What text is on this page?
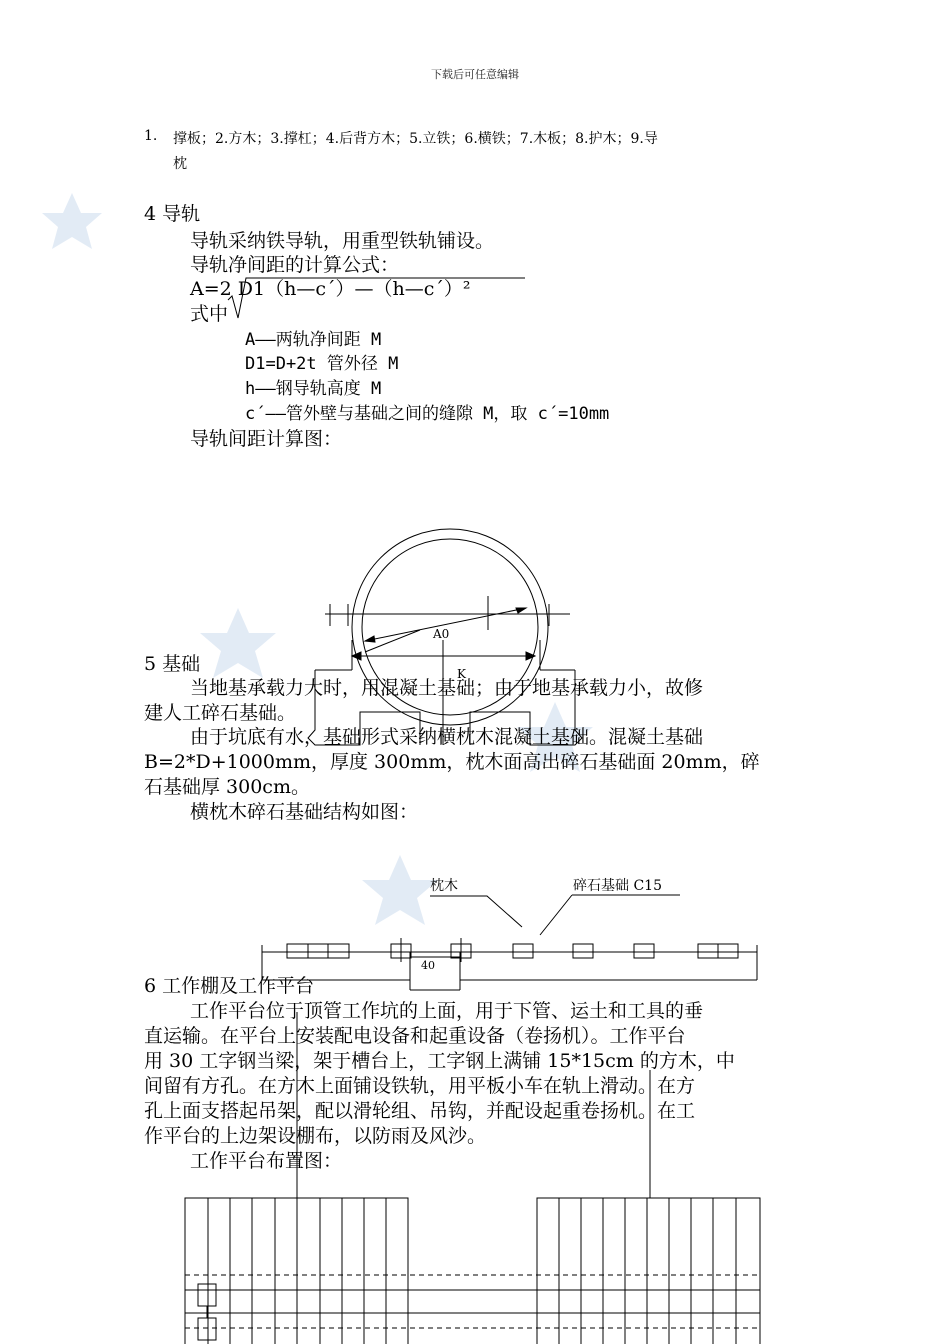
下载后可任意编辑
1. 撑板；2.方木；3.撑杠；4.后背方木；5.立铁；6.横铁；7.木板；8.护木；9.导
枕
4 导轨
导轨采纳铁导轨，用重型铁轨铺设。
导轨净间距的计算公式：
A=2 D1（h—c´）—（h—c´）²
式中
A——两轨净间距 M
D1=D+2t 管外径 M
h——钢导轨高度 M
c´——管外壁与基础之间的缝隙 M，取 c´=10mm
导轨间距计算图：
A0
K
5 基础
当地基承载力大时，用混凝土基础；由于地基承载力小，故修
建人工碎石基础。
由于坑底有水，基础形式采纳横枕木混凝土基础。混凝土基础
B=2*D+1000mm，厚度 300mm，枕木面高出碎石基础面 20mm，碎
石基础厚 300cm。
横枕木碎石基础结构如图：
枕木	碎石基础 C15
40
6 工作棚及工作平台
工作平台位于顶管工作坑的上面，用于下管、运土和工具的垂
直运输。在平台上安装配电设备和起重设备（卷扬机）。工作平台
用 30 工字钢当梁，架于槽台上，工字钢上满铺 15*15cm 的方木，中
间留有方孔。在方木上面铺设铁轨，用平板小车在轨上滑动。在方
孔上面支搭起吊架，配以滑轮组、吊钩，并配设起重卷扬机。在工
作平台的上边架设棚布，以防雨及风沙。
工作平台布置图：
